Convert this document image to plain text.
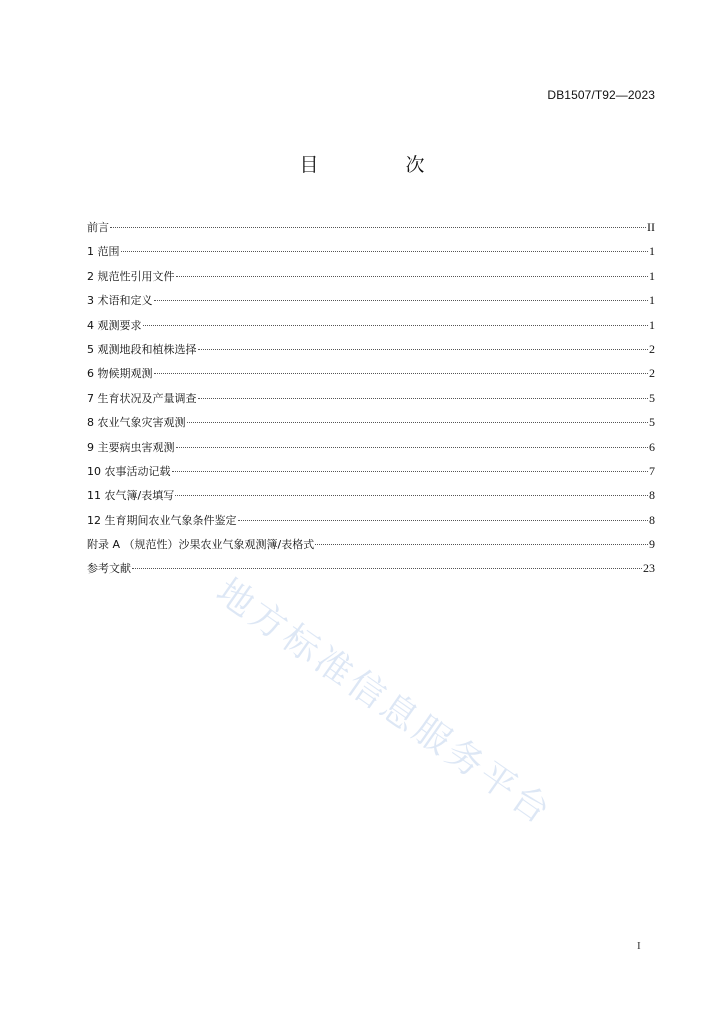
DB1507/T92—2023
目　次
前言	II
1 范围	1
2 规范性引用文件	1
3 术语和定义	1
4 观测要求	1
5 观测地段和植株选择	2
6 物候期观测	2
7 生育状况及产量调查	5
8 农业气象灾害观测	5
9 主要病虫害观测	6
10 农事活动记载	7
11 农气簿/表填写	8
12 生育期间农业气象条件鉴定	8
附录 A （规范性）沙果农业气象观测簿/表格式	9
参考文献	23
地方标准信息服务平台
I
